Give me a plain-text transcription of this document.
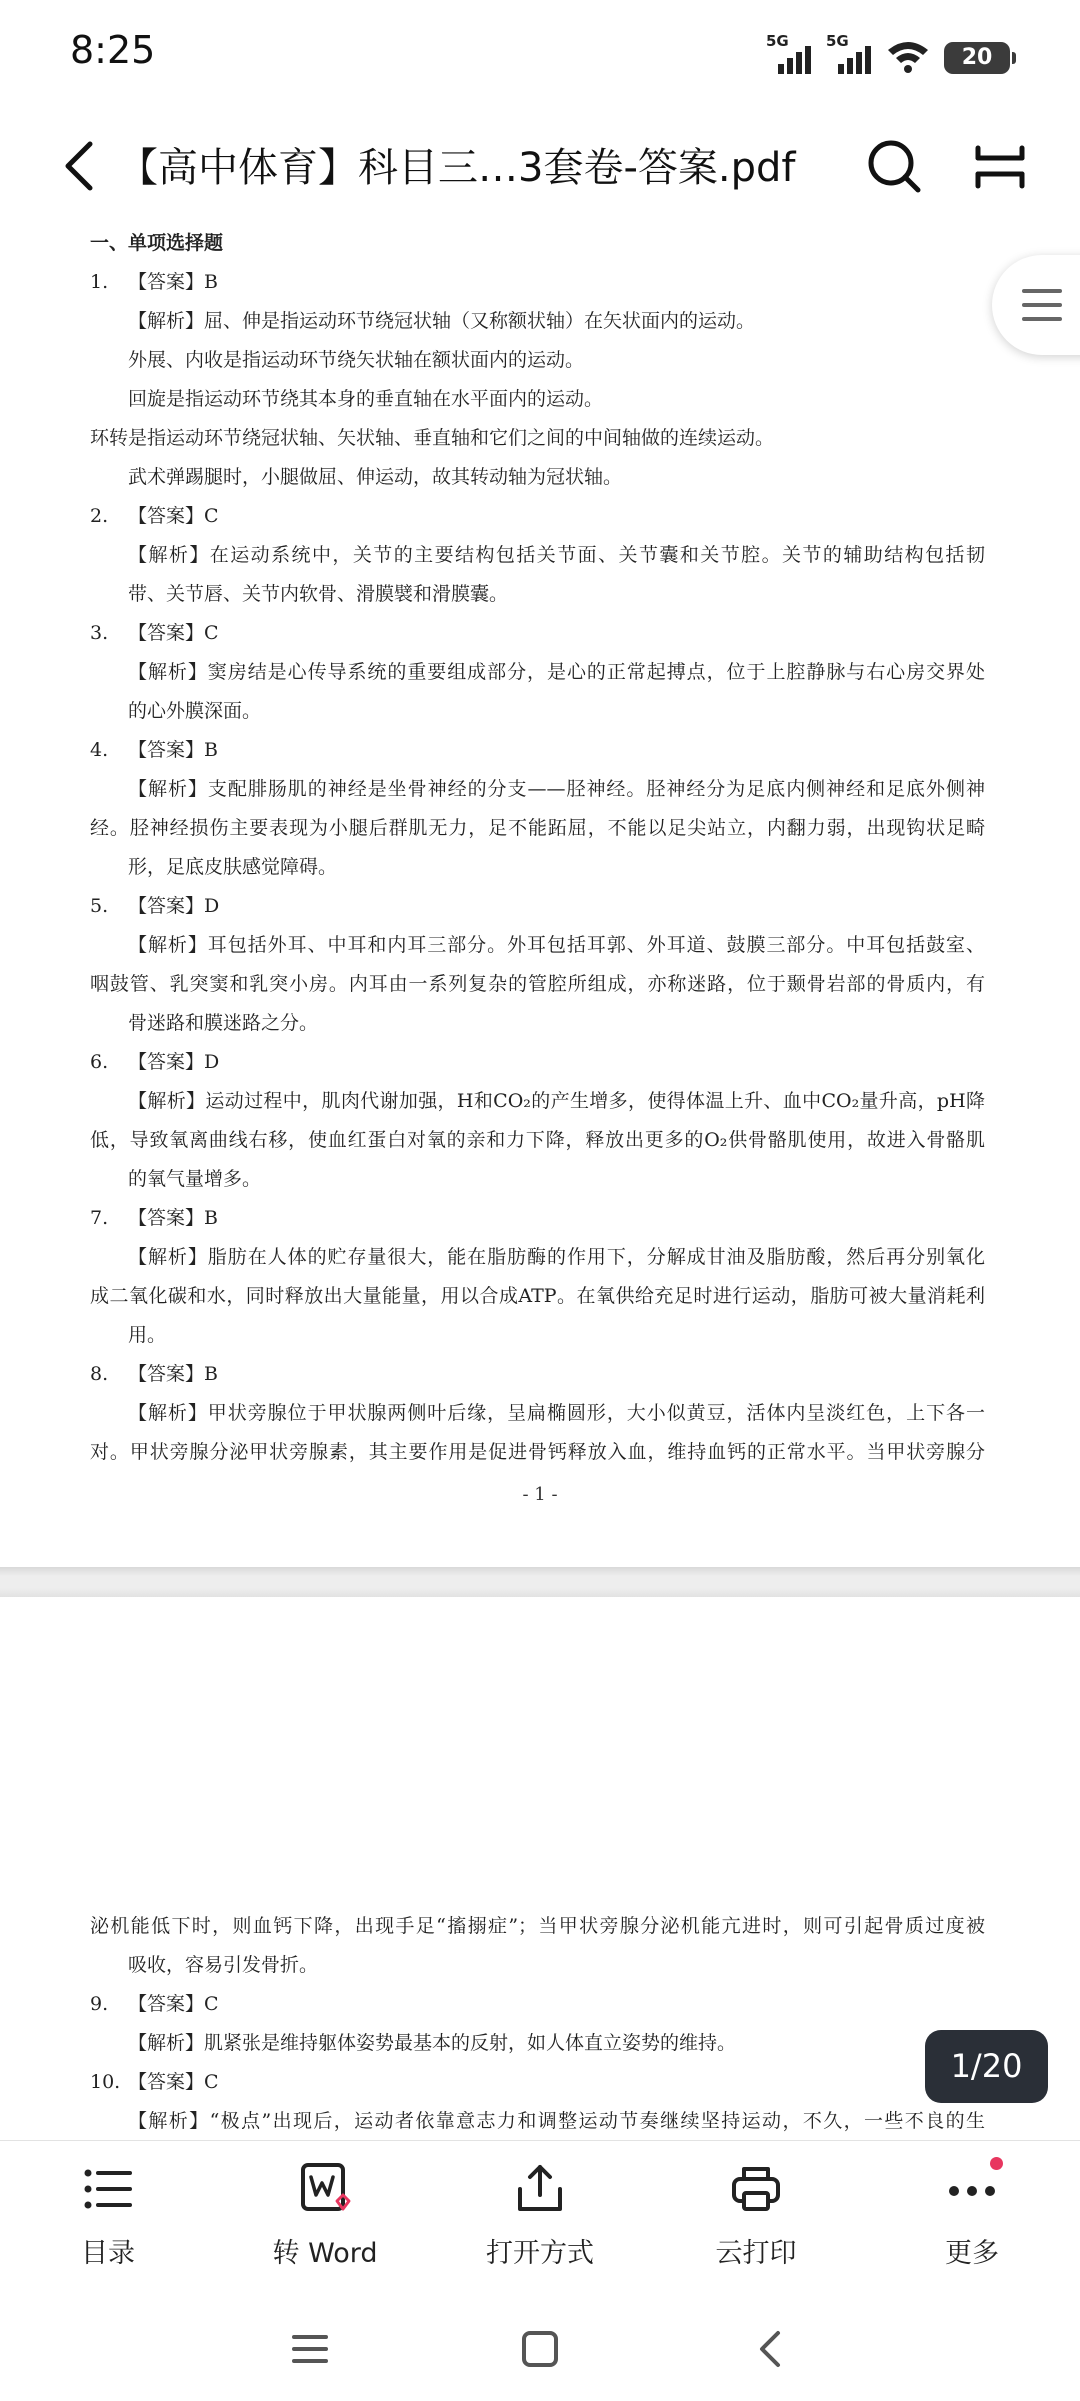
8:25	5G 5G
20
【高中体育】科目三…3套卷-答案.pdf
一、单项选择题
1. 【答案】B
【解析】屈、伸是指运动环节绕冠状轴（又称额状轴）在矢状面内的运动。
外展、内收是指运动环节绕矢状轴在额状面内的运动。
回旋是指运动环节绕其本身的垂直轴在水平面内的运动。
环转是指运动环节绕冠状轴、矢状轴、垂直轴和它们之间的中间轴做的连续运动。
武术弹踢腿时，小腿做屈、伸运动，故其转动轴为冠状轴。
2. 【答案】C
【解析】在运动系统中，关节的主要结构包括关节面、关节囊和关节腔。关节的辅助结构包括韧
带、关节唇、关节内软骨、滑膜襞和滑膜囊。
3. 【答案】C
【解析】窦房结是心传导系统的重要组成部分，是心的正常起搏点，位于上腔静脉与右心房交界处
的心外膜深面。
4. 【答案】B
【解析】支配腓肠肌的神经是坐骨神经的分支——胫神经。胫神经分为足底内侧神经和足底外侧神
经。胫神经损伤主要表现为小腿后群肌无力，足不能跖屈，不能以足尖站立，内翻力弱，出现钩状足畸
形，足底皮肤感觉障碍。
5. 【答案】D
【解析】耳包括外耳、中耳和内耳三部分。外耳包括耳郭、外耳道、鼓膜三部分。中耳包括鼓室、
咽鼓管、乳突窦和乳突小房。内耳由一系列复杂的管腔所组成，亦称迷路，位于颞骨岩部的骨质内，有
骨迷路和膜迷路之分。
6. 【答案】D
【解析】运动过程中，肌肉代谢加强，H和CO₂的产生增多，使得体温上升、血中CO₂量升高，pH降
低，导致氧离曲线右移，使血红蛋白对氧的亲和力下降，释放出更多的O₂供骨骼肌使用，故进入骨骼肌
的氧气量增多。
7. 【答案】B
【解析】脂肪在人体的贮存量很大，能在脂肪酶的作用下，分解成甘油及脂肪酸，然后再分别氧化
成二氧化碳和水，同时释放出大量能量，用以合成ATP。在氧供给充足时进行运动，脂肪可被大量消耗利
用。
8. 【答案】B
【解析】甲状旁腺位于甲状腺两侧叶后缘，呈扁椭圆形，大小似黄豆，活体内呈淡红色，上下各一
对。甲状旁腺分泌甲状旁腺素，其主要作用是促进骨钙释放入血，维持血钙的正常水平。当甲状旁腺分
- 1 -
泌机能低下时，则血钙下降，出现手足“搐搦症”；当甲状旁腺分泌机能亢进时，则可引起骨质过度被
吸收，容易引发骨折。
9. 【答案】C
【解析】肌紧张是维持躯体姿势最基本的反射，如人体直立姿势的维持。
10. 【答案】C
【解析】“极点”出现后，运动者依靠意志力和调整运动节奏继续坚持运动，不久，一些不良的生
1/20
目录	转 Word	打开方式	云打印	更多
